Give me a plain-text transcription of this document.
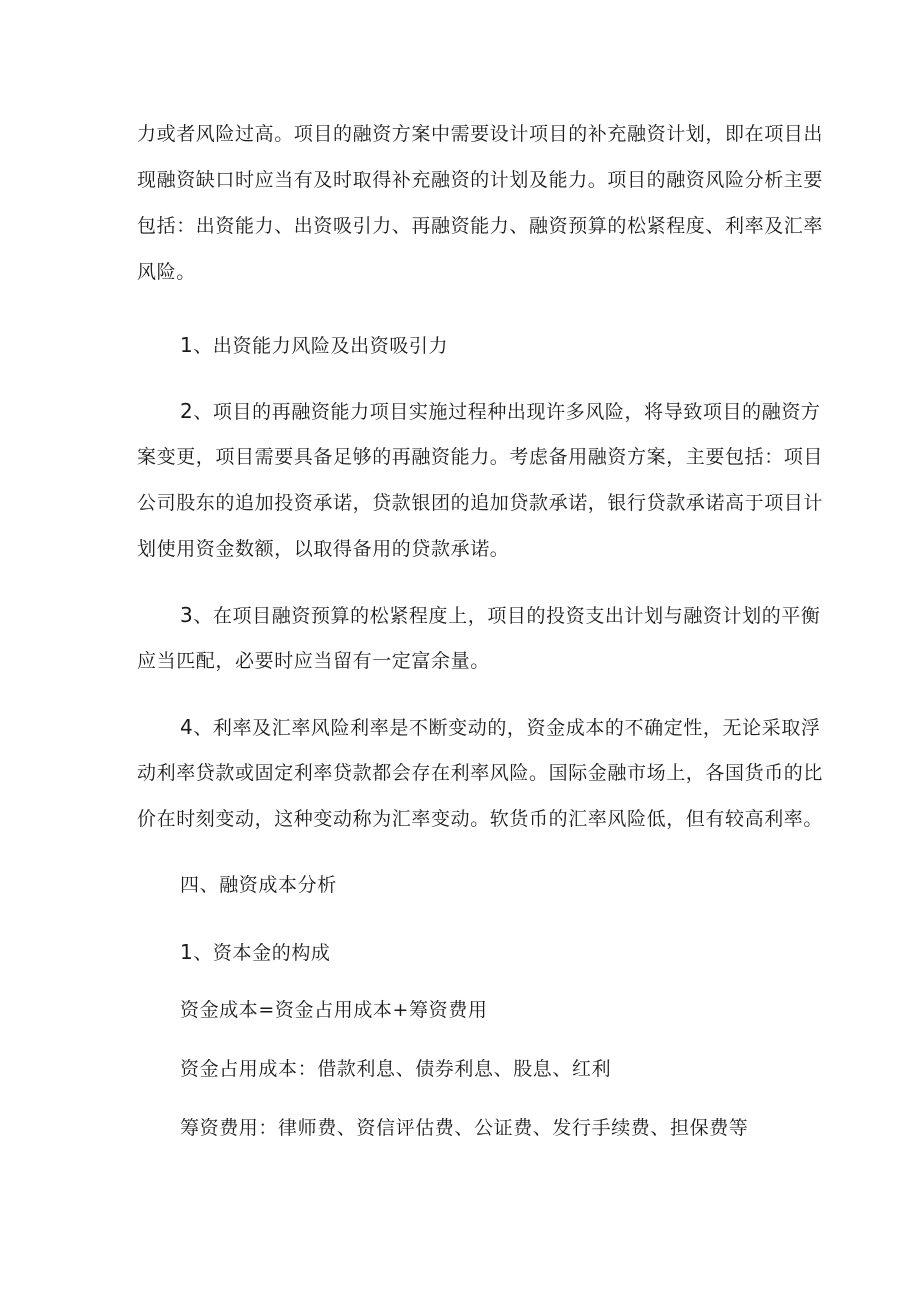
力或者风险过高。项目的融资方案中需要设计项目的补充融资计划，即在项目出
现融资缺口时应当有及时取得补充融资的计划及能力。项目的融资风险分析主要
包括：出资能力、出资吸引力、再融资能力、融资预算的松紧程度、利率及汇率
风险。
1、出资能力风险及出资吸引力
2、项目的再融资能力项目实施过程种出现许多风险，将导致项目的融资方
案变更，项目需要具备足够的再融资能力。考虑备用融资方案，主要包括：项目
公司股东的追加投资承诺，贷款银团的追加贷款承诺，银行贷款承诺高于项目计
划使用资金数额，以取得备用的贷款承诺。
3、在项目融资预算的松紧程度上，项目的投资支出计划与融资计划的平衡
应当匹配，必要时应当留有一定富余量。
4、利率及汇率风险利率是不断变动的，资金成本的不确定性，无论采取浮
动利率贷款或固定利率贷款都会存在利率风险。国际金融市场上，各国货币的比
价在时刻变动，这种变动称为汇率变动。软货币的汇率风险低，但有较高利率。
四、融资成本分析
1、资本金的构成
资金成本=资金占用成本+筹资费用
资金占用成本：借款利息、债券利息、股息、红利
筹资费用：律师费、资信评估费、公证费、发行手续费、担保费等
